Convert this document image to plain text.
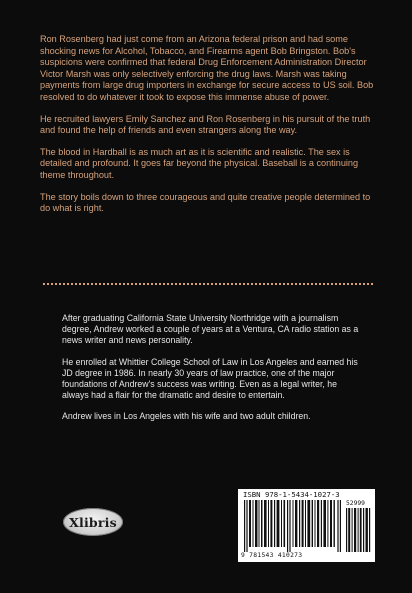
Ron Rosenberg had just come from an Arizona federal prison and had some shocking news for Alcohol, Tobacco, and Firearms agent Bob Bringston. Bob's suspicions were confirmed that federal Drug Enforcement Administration Director Victor Marsh was only selectively enforcing the drug laws. Marsh was taking payments from large drug importers in exchange for secure access to US soil. Bob resolved to do whatever it took to expose this immense abuse of power.

He recruited lawyers Emily Sanchez and Ron Rosenberg in his pursuit of the truth and found the help of friends and even strangers along the way.

The blood in Hardball is as much art as it is scientific and realistic. The sex is detailed and profound. It goes far beyond the physical. Baseball is a continuing theme throughout.

The story boils down to three courageous and quite creative people determined to do what is right.

After graduating California State University Northridge with a journalism degree, Andrew worked a couple of years at a Ventura, CA radio station as a news writer and news personality.

He enrolled at Whittier College School of Law in Los Angeles and earned his JD degree in 1986. In nearly 30 years of law practice, one of the major foundations of Andrew's success was writing. Even as a legal writer, he always had a flair for the dramatic and desire to entertain.

Andrew lives in Los Angeles with his wife and two adult children.

Xlibris
ISBN 978-1-5434-1027-3
52999
9 781543 410273
